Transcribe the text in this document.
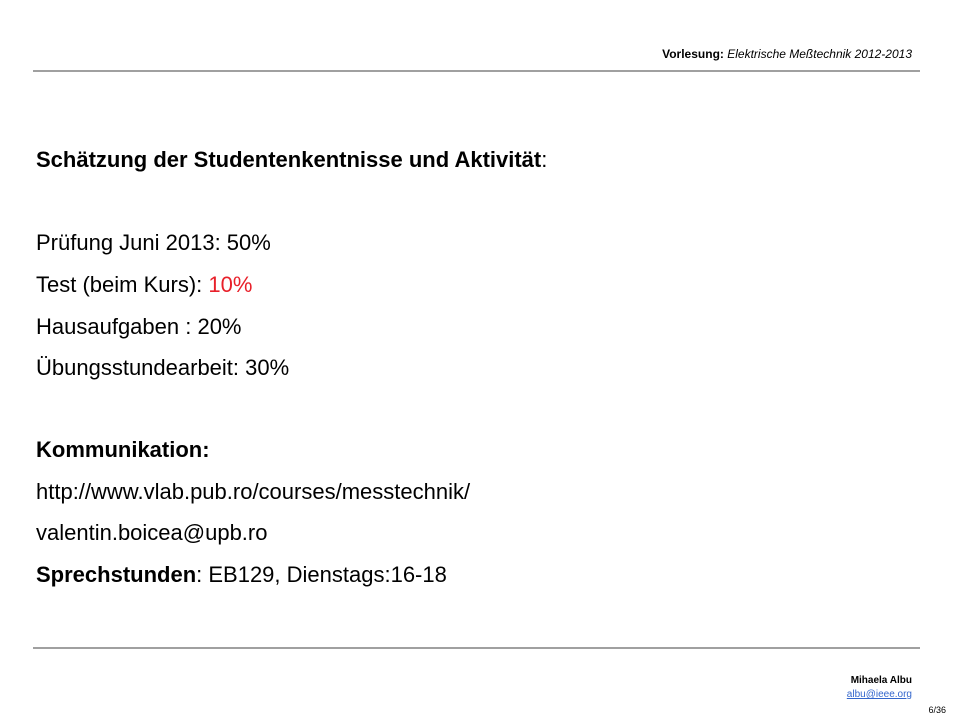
Vorlesung: Elektrische Meßtechnik 2012-2013
Schätzung der Studentenkentnisse und Aktivität:
Prüfung Juni 2013: 50%
Test (beim Kurs): 10%
Hausaufgaben : 20%
Übungsstundearbeit: 30%
Kommunikation:
http://www.vlab.pub.ro/courses/messtechnik/
valentin.boicea@upb.ro
Sprechstunden: EB129, Dienstags:16-18
Mihaela Albu
albu@ieee.org
6/36
